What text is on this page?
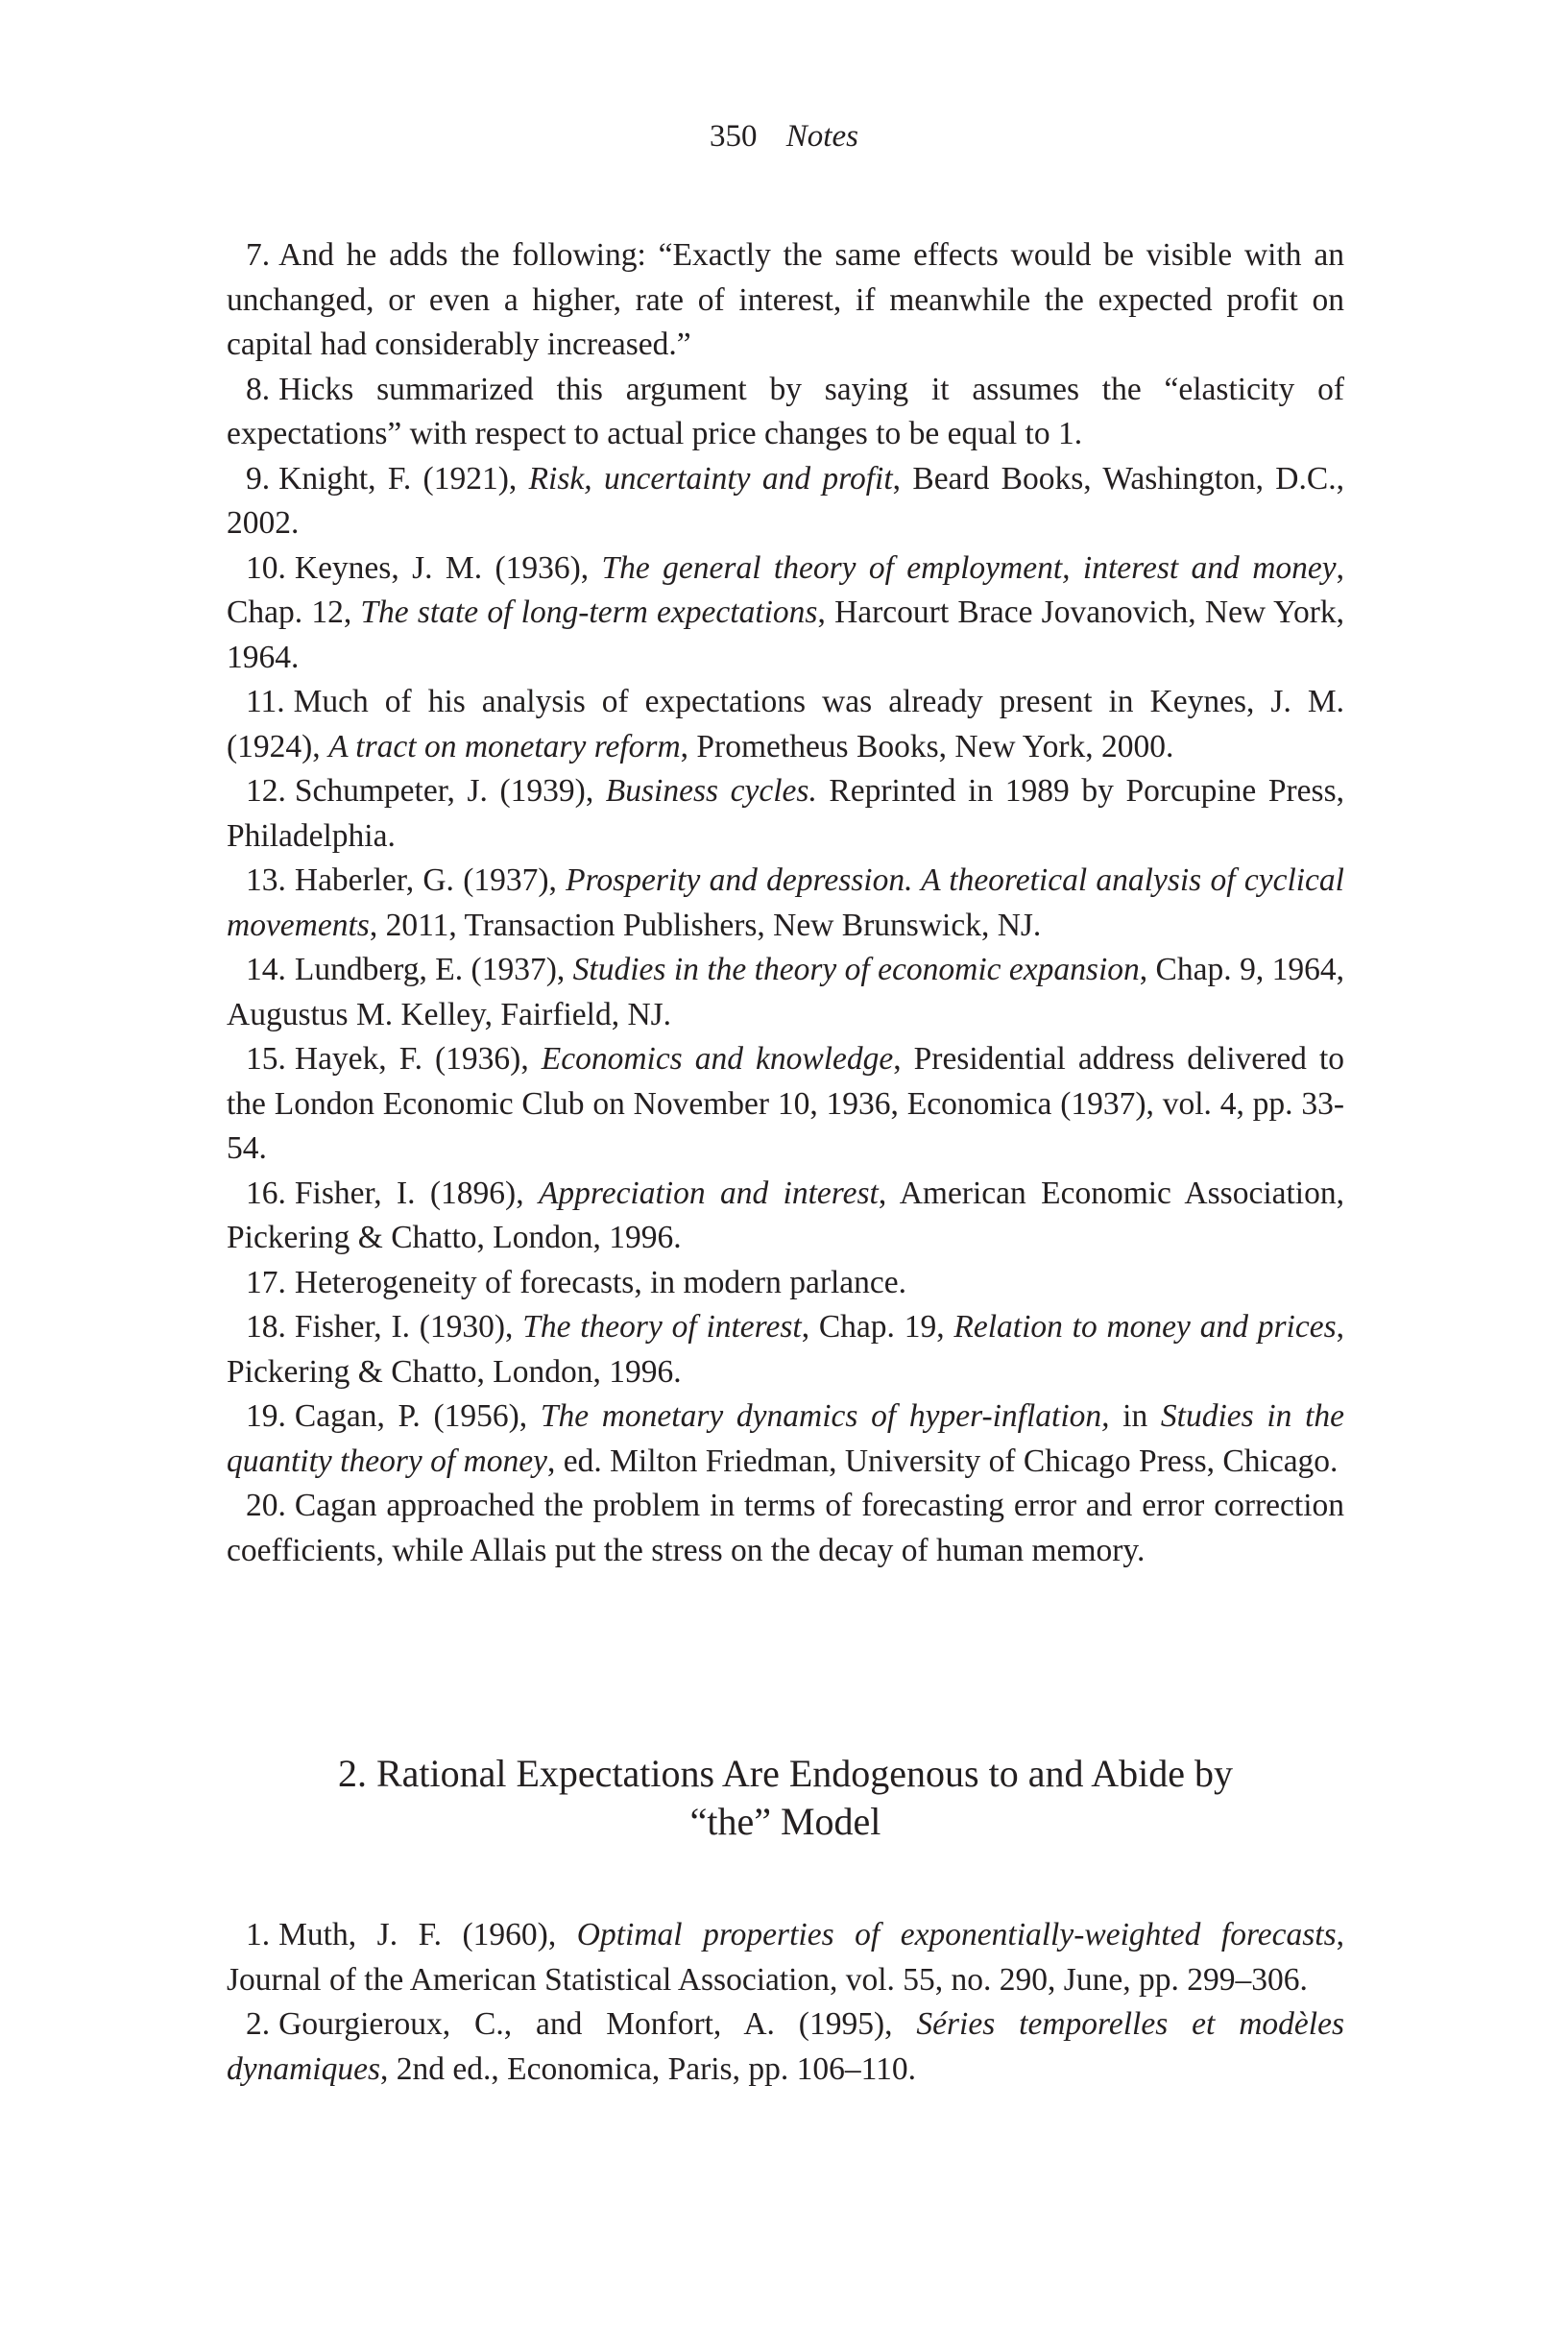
350 Notes

7. And he adds the following: “Exactly the same effects would be visible with an unchanged, or even a higher, rate of interest, if meanwhile the expected profit on capital had considerably increased.”

8. Hicks summarized this argument by saying it assumes the “elasticity of expectations” with respect to actual price changes to be equal to 1.

9. Knight, F. (1921), Risk, uncertainty and profit, Beard Books, Washington, D.C., 2002.

10. Keynes, J. M. (1936), The general theory of employment, interest and money, Chap. 12, The state of long-term expectations, Harcourt Brace Jovanovich, New York, 1964.

11. Much of his analysis of expectations was already present in Keynes, J. M. (1924), A tract on monetary reform, Prometheus Books, New York, 2000.

12. Schumpeter, J. (1939), Business cycles. Reprinted in 1989 by Porcupine Press, Philadelphia.

13. Haberler, G. (1937), Prosperity and depression. A theoretical analysis of cyclical movements, 2011, Transaction Publishers, New Brunswick, NJ.

14. Lundberg, E. (1937), Studies in the theory of economic expansion, Chap. 9, 1964, Augustus M. Kelley, Fairfield, NJ.

15. Hayek, F. (1936), Economics and knowledge, Presidential address delivered to the London Economic Club on November 10, 1936, Economica (1937), vol. 4, pp. 33-54.

16. Fisher, I. (1896), Appreciation and interest, American Economic Association, Pickering & Chatto, London, 1996.

17. Heterogeneity of forecasts, in modern parlance.

18. Fisher, I. (1930), The theory of interest, Chap. 19, Relation to money and prices, Pickering & Chatto, London, 1996.

19. Cagan, P. (1956), The monetary dynamics of hyper-inflation, in Studies in the quantity theory of money, ed. Milton Friedman, University of Chicago Press, Chicago.

20. Cagan approached the problem in terms of forecasting error and error correction coefficients, while Allais put the stress on the decay of human memory.

2. Rational Expectations Are Endogenous to and Abide by
“the” Model

1. Muth, J. F. (1960), Optimal properties of exponentially-weighted forecasts, Journal of the American Statistical Association, vol. 55, no. 290, June, pp. 299–306.

2. Gourgieroux, C., and Monfort, A. (1995), Séries temporelles et modèles dynamiques, 2nd ed., Economica, Paris, pp. 106–110.
